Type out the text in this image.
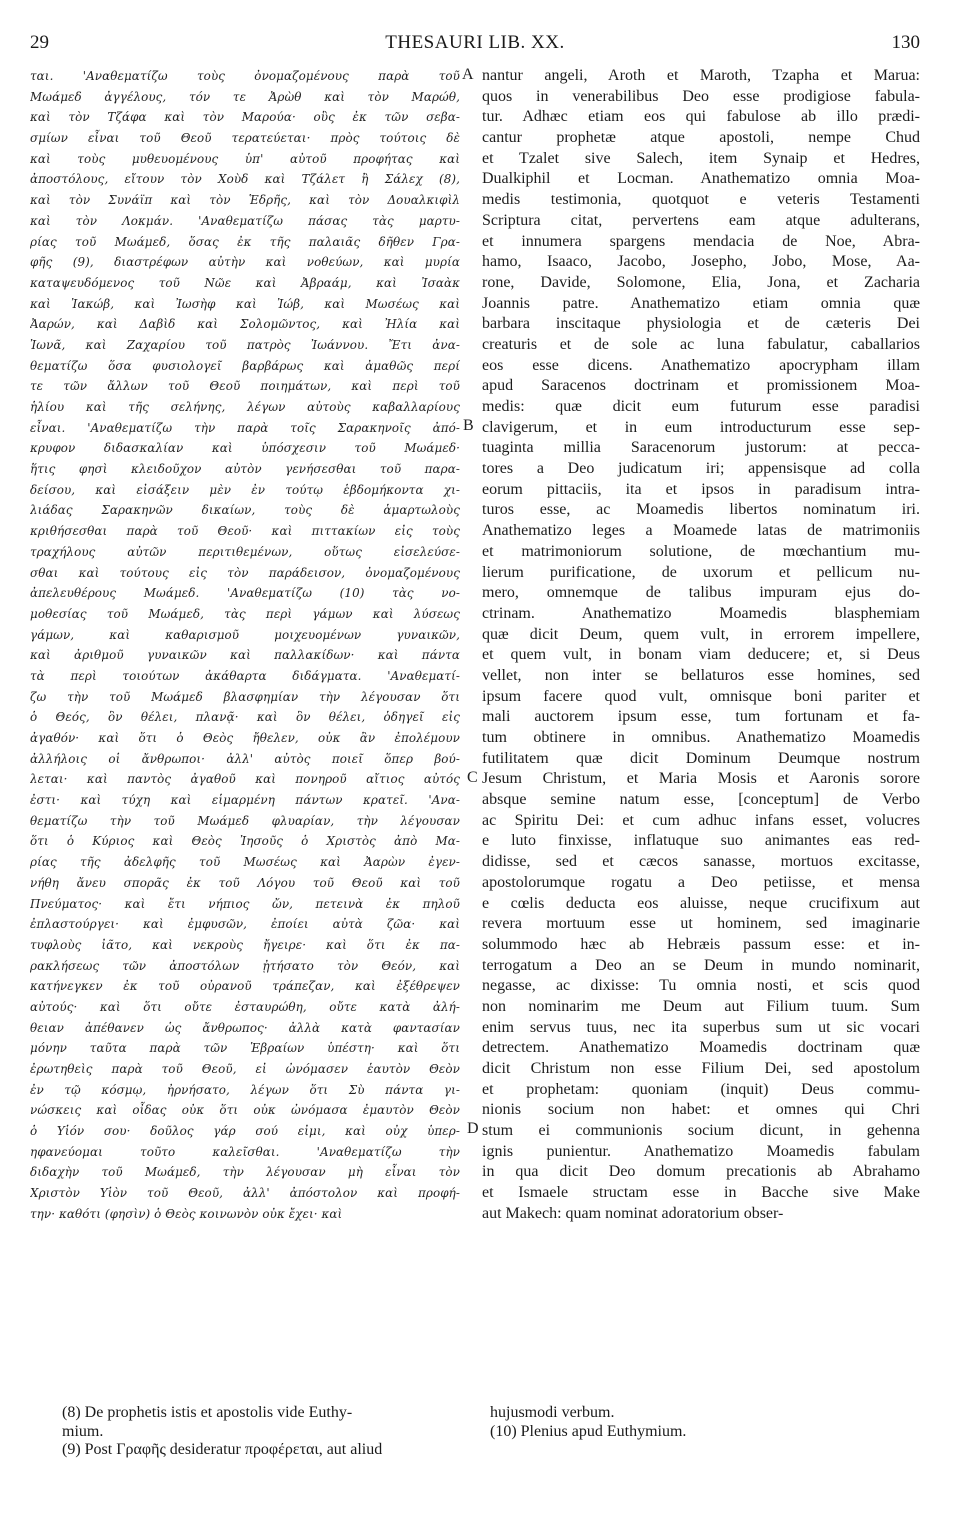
29	THESAURI LIB. XX.	130
ται. 'Αναθεματίζω τοὺς ὀνομαζομένους παρὰ τοῦ
Μωάμεδ ἀγγέλους, τόν τε Ἀρὼθ καὶ τὸν Μαρώθ,
καὶ τὸν Τζάφα καὶ τὸν Μαρούα· οὓς ἐκ τῶν σεβα-
σμίων εἶναι τοῦ Θεοῦ τερατεύεται· πρὸς τούτοις δὲ
καὶ τοὺς μυθευομένους ὑπ' αὐτοῦ προφήτας καὶ
ἀποστόλους, εἴτουν τὸν Χοὺδ καὶ Τζάλετ ἢ Σάλεχ (8),
καὶ τὸν Συνάϊπ καὶ τὸν Ἑδρῆς, καὶ τὸν Δουαλκιφὶλ
καὶ τὸν Λοκμάν. 'Αναθεματίζω πάσας τὰς μαρτυ-
ρίας τοῦ Μωάμεδ, ὅσας ἐκ τῆς παλαιᾶς δῆθεν Γρα-
φῆς (9), διαστρέφων αὐτὴν καὶ νοθεύων, καὶ μυρία
καταψευδόμενος τοῦ Νῶε καὶ Ἀβραάμ, καὶ Ἰσαὰκ
καὶ Ἰακώβ, καὶ Ἰωσὴφ καὶ Ἰώβ, καὶ Μωσέως καὶ
Ἀαρών, καὶ Δαβὶδ καὶ Σολομῶντος, καὶ Ἠλία καὶ
Ἰωνᾶ, καὶ Ζαχαρίου τοῦ πατρὸς Ἰωάννου. Ἔτι ἀνα-
θεματίζω ὅσα φυσιολογεῖ βαρβάρως καὶ ἀμαθῶς περί
τε τῶν ἄλλων τοῦ Θεοῦ ποιημάτων, καὶ περὶ τοῦ
ἡλίου καὶ τῆς σελήνης, λέγων αὐτοὺς καβαλλαρίους
εἶναι. 'Αναθεματίζω τὴν παρὰ τοῖς Σαρακηνοῖς ἀπό-
κρυφον διδασκαλίαν καὶ ὑπόσχεσιν τοῦ Μωάμεδ·
ἥτις φησὶ κλειδοῦχον αὐτὸν γενήσεσθαι τοῦ παρα-
δείσου, καὶ εἰσάξειν μὲν ἐν τούτῳ ἑβδομήκοντα χι-
λιάδας Σαρακηνῶν δικαίων, τοὺς δὲ ἁμαρτωλοὺς
κριθήσεσθαι παρὰ τοῦ Θεοῦ· καὶ πιττακίων εἰς τοὺς
τραχήλους αὐτῶν περιτιθεμένων, οὕτως εἰσελεύσε-
σθαι καὶ τούτους εἰς τὸν παράδεισον, ὀνομαζομένους
ἀπελευθέρους Μωάμεδ. 'Αναθεματίζω (10) τὰς νο-
μοθεσίας τοῦ Μωάμεδ, τὰς περὶ γάμων καὶ λύσεως
γάμων, καὶ καθαρισμοῦ μοιχευομένων γυναικῶν,
καὶ ἀριθμοῦ γυναικῶν καὶ παλλακίδων· καὶ πάντα
τὰ περὶ τοιούτων ἀκάθαρτα διδάγματα. 'Αναθεματί-
ζω τὴν τοῦ Μωάμεδ βλασφημίαν τὴν λέγουσαν ὅτι
ὁ Θεός, ὃν θέλει, πλανᾷ· καὶ ὃν θέλει, ὁδηγεῖ εἰς
ἀγαθόν· καὶ ὅτι ὁ Θεὸς ἤθελεν, οὐκ ἂν ἐπολέμουν
ἀλλήλοις οἱ ἄνθρωποι· ἀλλ' αὐτὸς ποιεῖ ὅπερ βού-
λεται· καὶ παντὸς ἀγαθοῦ καὶ πονηροῦ αἴτιος αὐτός
ἐστι· καὶ τύχη καὶ εἱμαρμένη πάντων κρατεῖ. 'Ανα-
θεματίζω τὴν τοῦ Μωάμεδ φλυαρίαν, τὴν λέγουσαν
ὅτι ὁ Κύριος καὶ Θεὸς Ἰησοῦς ὁ Χριστὸς ἀπὸ Μα-
ρίας τῆς ἀδελφῆς τοῦ Μωσέως καὶ Ἀαρὼν ἐγεν-
νήθη ἄνευ σπορᾶς ἐκ τοῦ Λόγου τοῦ Θεοῦ καὶ τοῦ
Πνεύματος· καὶ ἔτι νήπιος ὤν, πετεινὰ ἐκ πηλοῦ
ἐπλαστούργει· καὶ ἐμφυσῶν, ἐποίει αὐτὰ ζῶα· καὶ
τυφλοὺς ἰᾶτο, καὶ νεκροὺς ἤγειρε· καὶ ὅτι ἐκ πα-
ρακλήσεως τῶν ἀποστόλων ᾐτήσατο τὸν Θεόν, καὶ
κατήνεγκεν ἐκ τοῦ οὐρανοῦ τράπεζαν, καὶ ἐξέθρεψεν
αὐτούς· καὶ ὅτι οὔτε ἐσταυρώθη, οὔτε κατὰ ἀλή-
θειαν ἀπέθανεν ὡς ἄνθρωπος· ἀλλὰ κατὰ φαντασίαν
μόνην ταῦτα παρὰ τῶν Ἑβραίων ὑπέστη· καὶ ὅτι
ἐρωτηθεὶς παρὰ τοῦ Θεοῦ, εἰ ὠνόμασεν ἑαυτὸν Θεὸν
ἐν τῷ κόσμῳ, ἠρνήσατο, λέγων ὅτι Σὺ πάντα γι-
νώσκεις καὶ οἶδας οὐκ ὅτι οὐκ ὠνόμασα ἐμαυτὸν Θεὸν
ὁ Υἱόν σου· δοῦλος γάρ σού εἰμι, καὶ οὐχ ὑπερ-
ηφανεύομαι τοῦτο καλεῖσθαι. 'Αναθεματίζω τὴν
διδαχὴν τοῦ Μωάμεδ, τὴν λέγουσαν μὴ εἶναι τὸν
Χριστὸν Υἱὸν τοῦ Θεοῦ, ἀλλ' ἀπόστολον καὶ προφή-
την· καθότι (φησὶν) ὁ Θεὸς κοινωνὸν οὐκ ἔχει· καὶ
A
B
C
D
nantur angeli, Aroth et Maroth, Tzapha et Marua:
quos in venerabilibus Deo esse prodigiose fabula-
tur. Adhæc etiam eos qui fabulose ab illo prædi-
cantur prophetæ atque apostoli, nempe Chud
et Tzalet sive Salech, item Synaip et Hedres,
Dualkiphil et Locman. Anathematizo omnia Moa-
medis testimonia, quotquot e veteris Testamenti
Scriptura citat, pervertens eam atque adulterans,
et innumera spargens mendacia de Noe, Abra-
hamo, Isaaco, Jacobo, Josepho, Jobo, Mose, Aa-
rone, Davide, Solomone, Elia, Jona, et Zacharia
Joannis patre. Anathematizo etiam omnia quæ
barbara inscitaque physiologia et de cæteris Dei
creaturis et de sole ac luna fabulatur, caballarios
eos esse dicens. Anathematizo apocrypham illam
apud Saracenos doctrinam et promissionem Moa-
medis: quæ dicit eum futurum esse paradisi
clavigerum, et in eum introducturum esse sep-
tuaginta millia Saracenorum justorum: at pecca-
tores a Deo judicatum iri; appensisque ad colla
eorum pittaciis, ita et ipsos in paradisum intra-
turos esse, ac Moamedis libertos nominatum iri.
Anathematizo leges a Moamede latas de matrimoniis
et matrimoniorum solutione, de mœchantium mu-
lierum purificatione, de uxorum et pellicum nu-
mero, omnemque de talibus impuram ejus do-
ctrinam. Anathematizo Moamedis blasphemiam
quæ dicit Deum, quem vult, in errorem impellere,
et quem vult, in bonam viam deducere; et, si Deus
vellet, non inter se bellaturos esse homines, sed
ipsum facere quod vult, omnisque boni pariter et
mali auctorem ipsum esse, tum fortunam et fa-
tum obtinere in omnibus. Anathematizo Moamedis
futilitatem quæ dicit Dominum Deumque nostrum
Jesum Christum, et Maria Mosis et Aaronis sorore
absque semine natum esse, [conceptum] de Verbo
ac Spiritu Dei: et cum adhuc infans esset, volucres
e luto finxisse, inflatuque suo animantes eas red-
didisse, sed et cæcos sanasse, mortuos excitasse,
apostolorumque rogatu a Deo petiisse, et mensa
e cœlis deducta eos aluisse, neque crucifixum aut
revera mortuum esse ut hominem, sed imaginarie
solummodo hæc ab Hebræis passum esse: et in-
terrogatum a Deo an se Deum in mundo nominarit,
negasse, ac dixisse: Tu omnia nosti, et scis quod
non nominarim me Deum aut Filium tuum. Sum
enim servus tuus, nec ita superbus sum ut sic vocari
detrectem. Anathematizo Moamedis doctrinam quæ
dicit Christum non esse Filium Dei, sed apostolum
et prophetam: quoniam (inquit) Deus commu-
nionis socium non habet: et omnes qui Chri
stum ei communionis socium dicunt, in gehenna
ignis punientur. Anathematizo Moamedis fabulam
in qua dicit Deo domum precationis ab Abrahamo
et Ismaele structam esse in Bacche sive Make
aut Makech: quam nominat adoratorium obser-
(8) De prophetis istis et apostolis vide Euthy-
mium.
(9) Post Γραφῆς desideratur προφέρεται, aut aliud
hujusmodi verbum.
(10) Plenius apud Euthymium.
